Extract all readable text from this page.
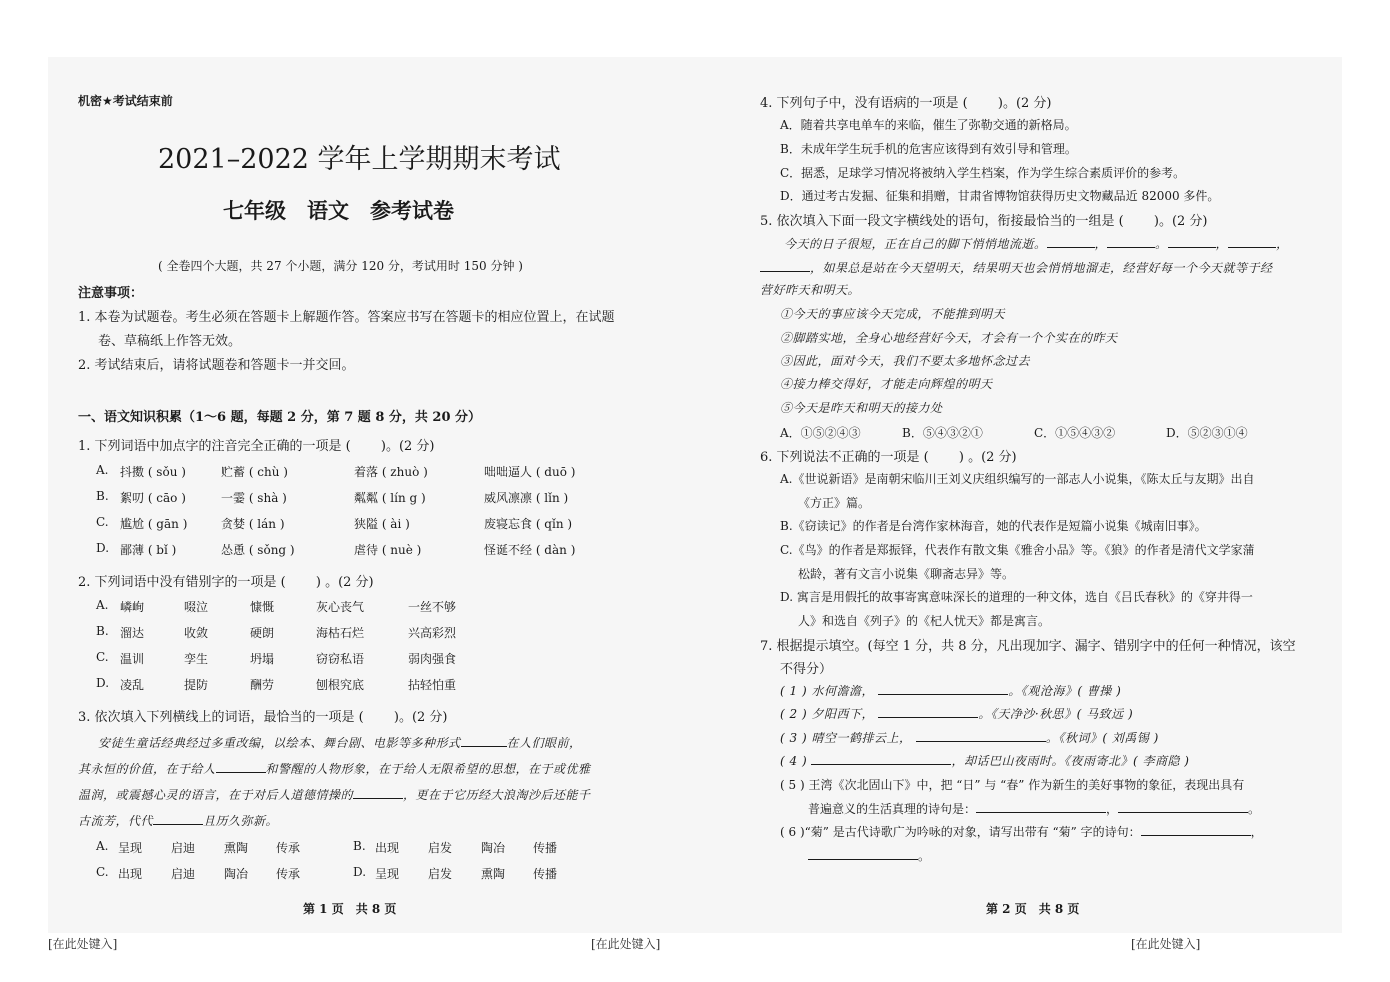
机密★考试结束前
2021–2022 学年上学期期末考试
七年级　语文　参考试卷
( 全卷四个大题，共 27 个小题，满分 120 分，考试用时 150 分钟 )
注意事项：
1. 本卷为试题卷。考生必须在答题卡上解题作答。答案应书写在答题卡的相应位置上，在试题
卷、草稿纸上作答无效。
2. 考试结束后，请将试题卷和答题卡一并交回。
一、语文知识积累（1～6 题，每题 2 分，第 7 题 8 分，共 20 分）
1. 下列词语中加点字的注音完全正确的一项是 (　　 )。(2 分)
A. 抖擞 ( sǒu )	贮蓄 ( chù )	着落 ( zhuò )	咄咄逼人 ( duō )
B. 絮叨 ( cāo )	一霎 ( shà )	粼粼 ( lín g )	威风凛凛 ( lǐn )
C. 尴尬 ( gān )	贪婪 ( lán )	狭隘 ( ài )	废寝忘食 ( qǐn )
D. 鄙薄 ( bǐ )	怂恿 ( sǒng )	虐待 ( nuè )	怪诞不经 ( dàn )
2. 下列词语中没有错别字的一项是 (　　 ) 。(2 分)
A. 嶙峋	啜泣	慷慨	灰心丧气	一丝不够
B. 溜达	收敛	硬朗	海枯石烂	兴高彩烈
C. 温训	孪生	坍塌	窃窃私语	弱肉强食
D. 凌乱	提防	酬劳	刨根究底	拈轻怕重
3. 依次填入下列横线上的词语，最恰当的一项是 (　　 )。(2 分)
安徒生童话经典经过多重改编，以绘本、舞台剧、电影等多种形式	在人们眼前，
其永恒的价值，在于给人	和警醒的人物形象，在于给人无限希望的思想，在于或优雅
温润，或震撼心灵的语言，在于对后人道德情操的	，更在于它历经大浪淘沙后还能千
古流芳，代代	且历久弥新。
A. 呈现 启迪 熏陶 传承	B. 出现 启发 陶冶 传播
C. 出现 启迪 陶冶 传承	D. 呈现 启发 熏陶 传播
第 1 页　共 8 页
4. 下列句子中，没有语病的一项是 (　　 )。(2 分)
A．随着共享电单车的来临，催生了弥勒交通的新格局。
B．未成年学生玩手机的危害应该得到有效引导和管理。
C．据悉，足球学习情况将被纳入学生档案，作为学生综合素质评价的参考。
D．通过考古发掘、征集和捐赠，甘肃省博物馆获得历史文物藏品近 82000 多件。
5. 依次填入下面一段文字横线处的语句，衔接最恰当的一组是 (　　 )。(2 分)
今天的日子很短，正在自己的脚下悄悄地流逝。	，	。	，	，
，如果总是站在今天望明天，结果明天也会悄悄地溜走，经营好每一个今天就等于经
营好昨天和明天。
①今天的事应该今天完成，不能推到明天
②脚踏实地，全身心地经营好今天，才会有一个个实在的昨天
③因此，面对今天，我们不要太多地怀念过去
④接力棒交得好，才能走向辉煌的明天
⑤今天是昨天和明天的接力处
A．①⑤②④③	B．⑤④③②①	C．①⑤④③②	D．⑤②③①④
6. 下列说法不正确的一项是 (　　 ) 。(2 分)
A.《世说新语》是南朝宋临川王刘义庆组织编写的一部志人小说集，《陈太丘与友期》出自
《方正》篇。
B.《窃读记》的作者是台湾作家林海音，她的代表作是短篇小说集《城南旧事》。
C.《鸟》的作者是郑振铎，代表作有散文集《雅舍小品》等。《狼》的作者是清代文学家蒲
松龄，著有文言小说集《聊斋志异》等。
D. 寓言是用假托的故事寄寓意味深长的道理的一种文体，选自《吕氏春秋》的《穿井得一
人》和选自《列子》的《杞人忧天》都是寓言。
7. 根据提示填空。(每空 1 分，共 8 分，凡出现加字、漏字、错别字中的任何一种情况，该空
不得分）
( 1 ) 水何澹澹，	。《观沧海》( 曹操 )
( 2 ) 夕阳西下，	。《天净沙·秋思》( 马致远 )
( 3 ) 晴空一鹤排云上，	。《秋词》( 刘禹锡 )
( 4 )	，却话巴山夜雨时。《夜雨寄北》( 李商隐 )
( 5 ) 王湾《次北固山下》中，把 “日” 与 “春” 作为新生的美好事物的象征，表现出具有
普遍意义的生活真理的诗句是：	，	。
( 6 )“菊” 是古代诗歌广为吟咏的对象，请写出带有 “菊” 字的诗句：	，
。
第 2 页　共 8 页
[在此处键入]	[在此处键入]	[在此处键入]
